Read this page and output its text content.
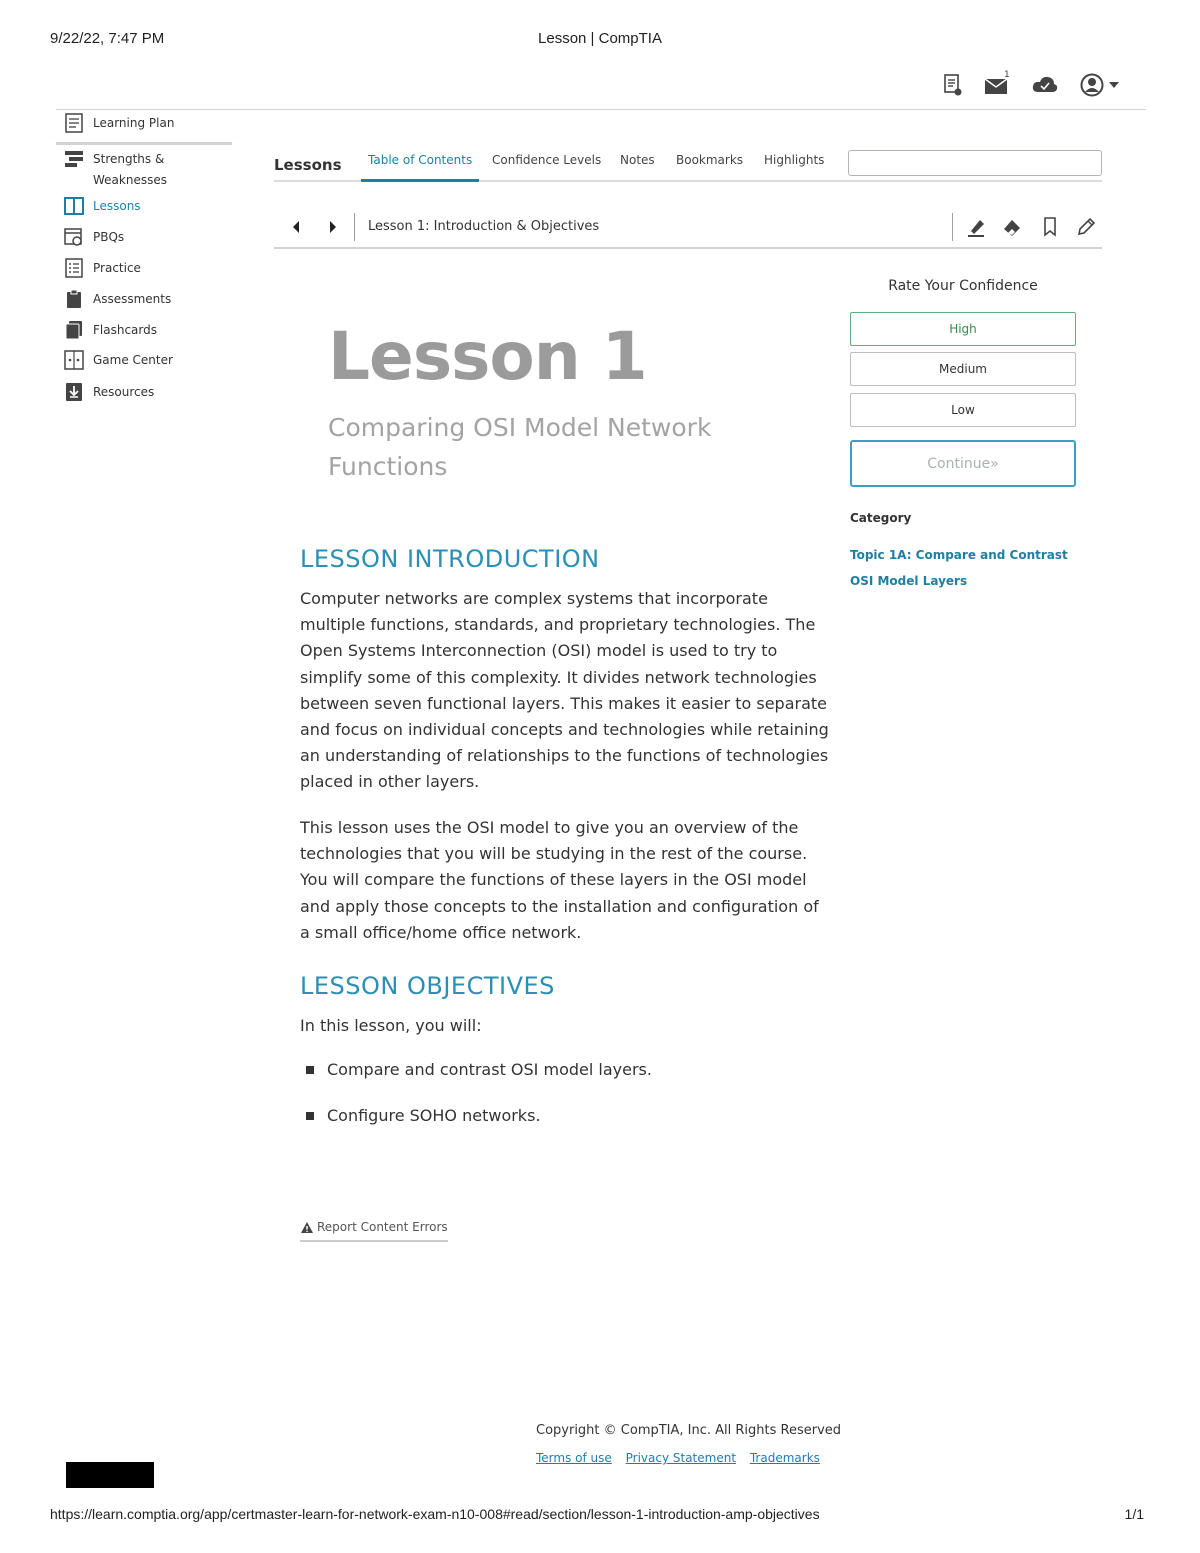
9/22/22, 7:47 PM	Lesson | CompTIA
1
Learning Plan
Strengths & Weaknesses
Lessons
PBQs
Practice
Assessments
Flashcards
Game Center
Resources
Lessons	Table of Contents	Confidence Levels Notes Bookmarks Highlights
Lesson 1: Introduction & Objectives
Lesson 1
Comparing OSI Model Network Functions
LESSON INTRODUCTION
Computer networks are complex systems that incorporate multiple functions, standards, and proprietary technologies. The Open Systems Interconnection (OSI) model is used to try to simplify some of this complexity. It divides network technologies between seven functional layers. This makes it easier to separate and focus on individual concepts and technologies while retaining an understanding of relationships to the functions of technologies placed in other layers.
This lesson uses the OSI model to give you an overview of the technologies that you will be studying in the rest of the course. You will compare the functions of these layers in the OSI model and apply those concepts to the installation and configuration of a small office/home office network.
LESSON OBJECTIVES
In this lesson, you will:
Compare and contrast OSI model layers.
Configure SOHO networks.
Report Content Errors
Rate Your Confidence
High
Medium
Low
Continue»
Category
Topic 1A: Compare and Contrast OSI Model Layers
Copyright © CompTIA, Inc. All Rights Reserved
Terms of use Privacy Statement Trademarks
https://learn.comptia.org/app/certmaster-learn-for-network-exam-n10-008#read/section/lesson-1-introduction-amp-objectives	1/1
